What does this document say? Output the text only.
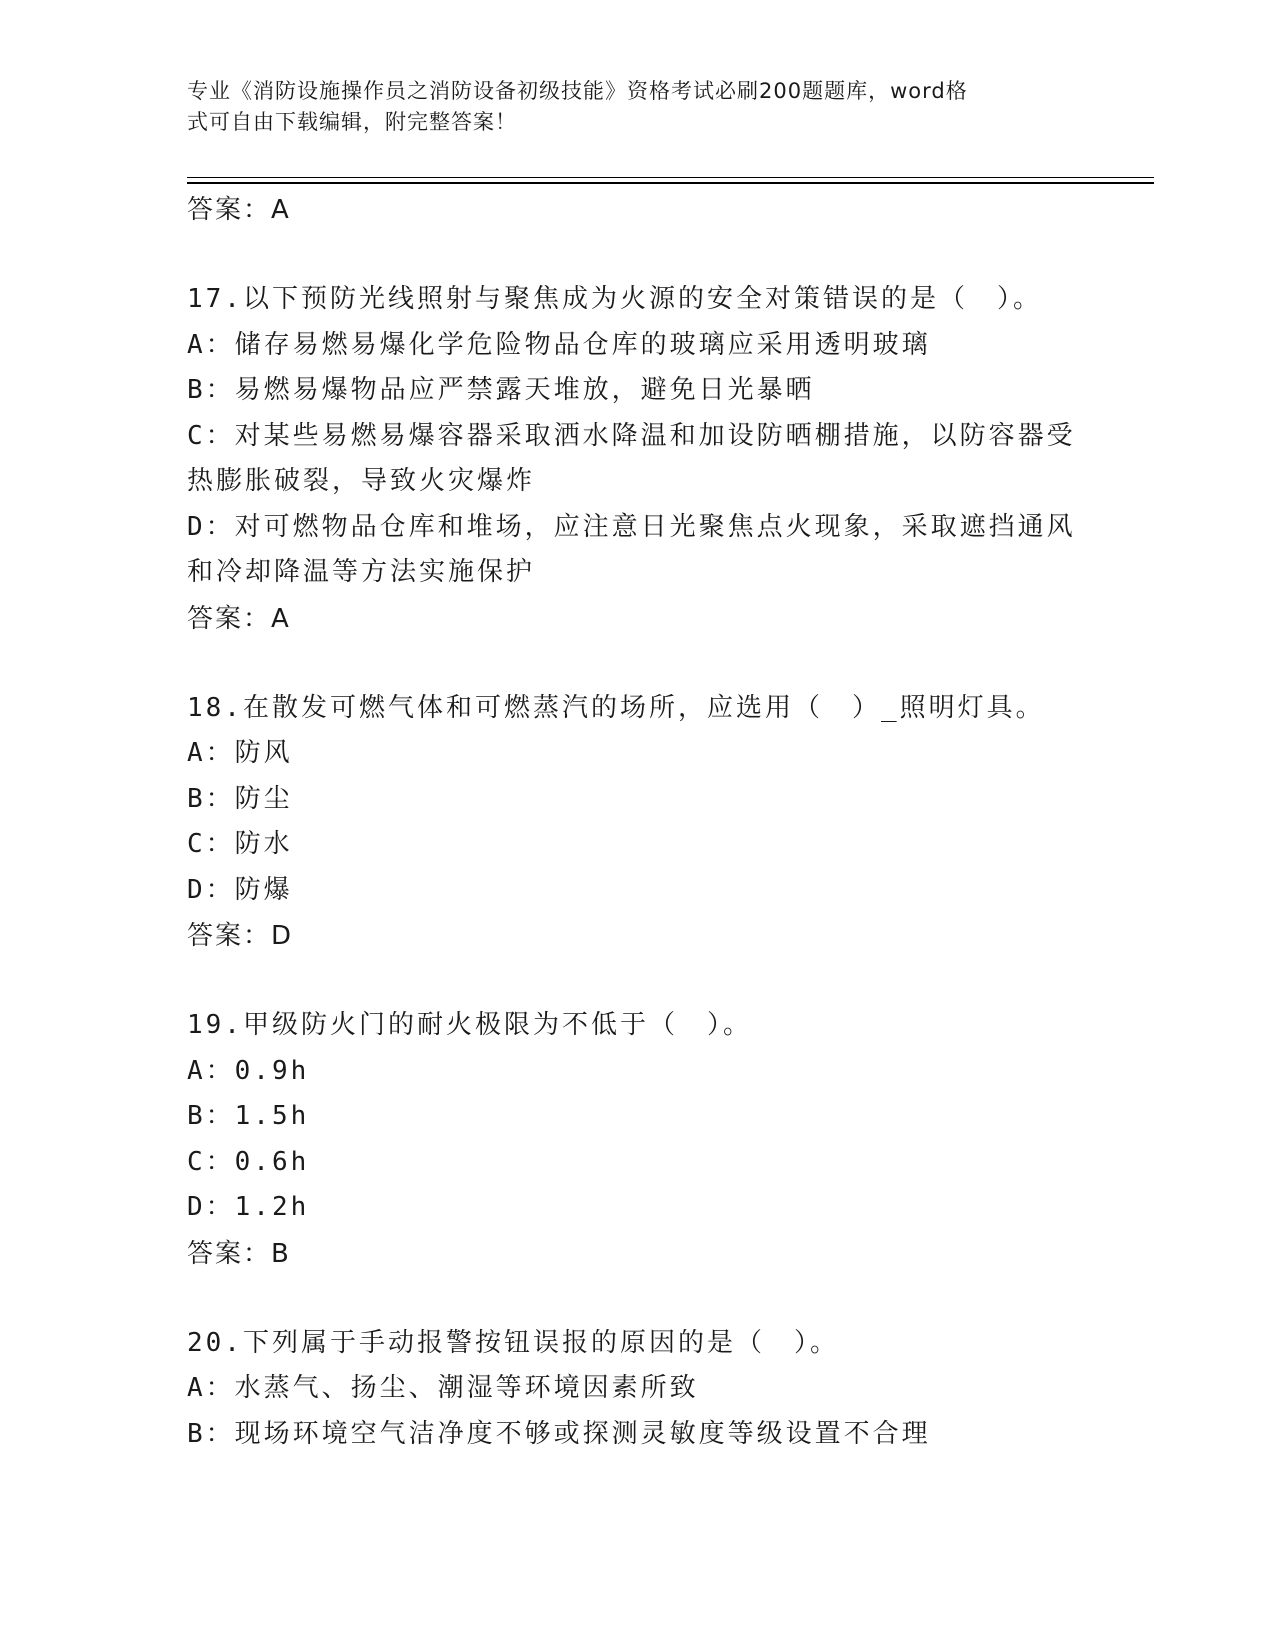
专业《消防设施操作员之消防设备初级技能》资格考试必刷200题题库，word格
式可自由下载编辑，附完整答案！
答案：A
17.以下预防光线照射与聚焦成为火源的安全对策错误的是（　）。
A：储存易燃易爆化学危险物品仓库的玻璃应采用透明玻璃
B：易燃易爆物品应严禁露天堆放，避免日光暴晒
C：对某些易燃易爆容器采取洒水降温和加设防晒棚措施，以防容器受
热膨胀破裂，导致火灾爆炸
D：对可燃物品仓库和堆场，应注意日光聚焦点火现象，采取遮挡通风
和冷却降温等方法实施保护
答案：A
18.在散发可燃气体和可燃蒸汽的场所，应选用（　）_照明灯具。
A：防风
B：防尘
C：防水
D：防爆
答案：D
19.甲级防火门的耐火极限为不低于（　）。
A：0.9h
B：1.5h
C：0.6h
D：1.2h
答案：B
20.下列属于手动报警按钮误报的原因的是（　）。
A：水蒸气、扬尘、潮湿等环境因素所致
B：现场环境空气洁净度不够或探测灵敏度等级设置不合理
